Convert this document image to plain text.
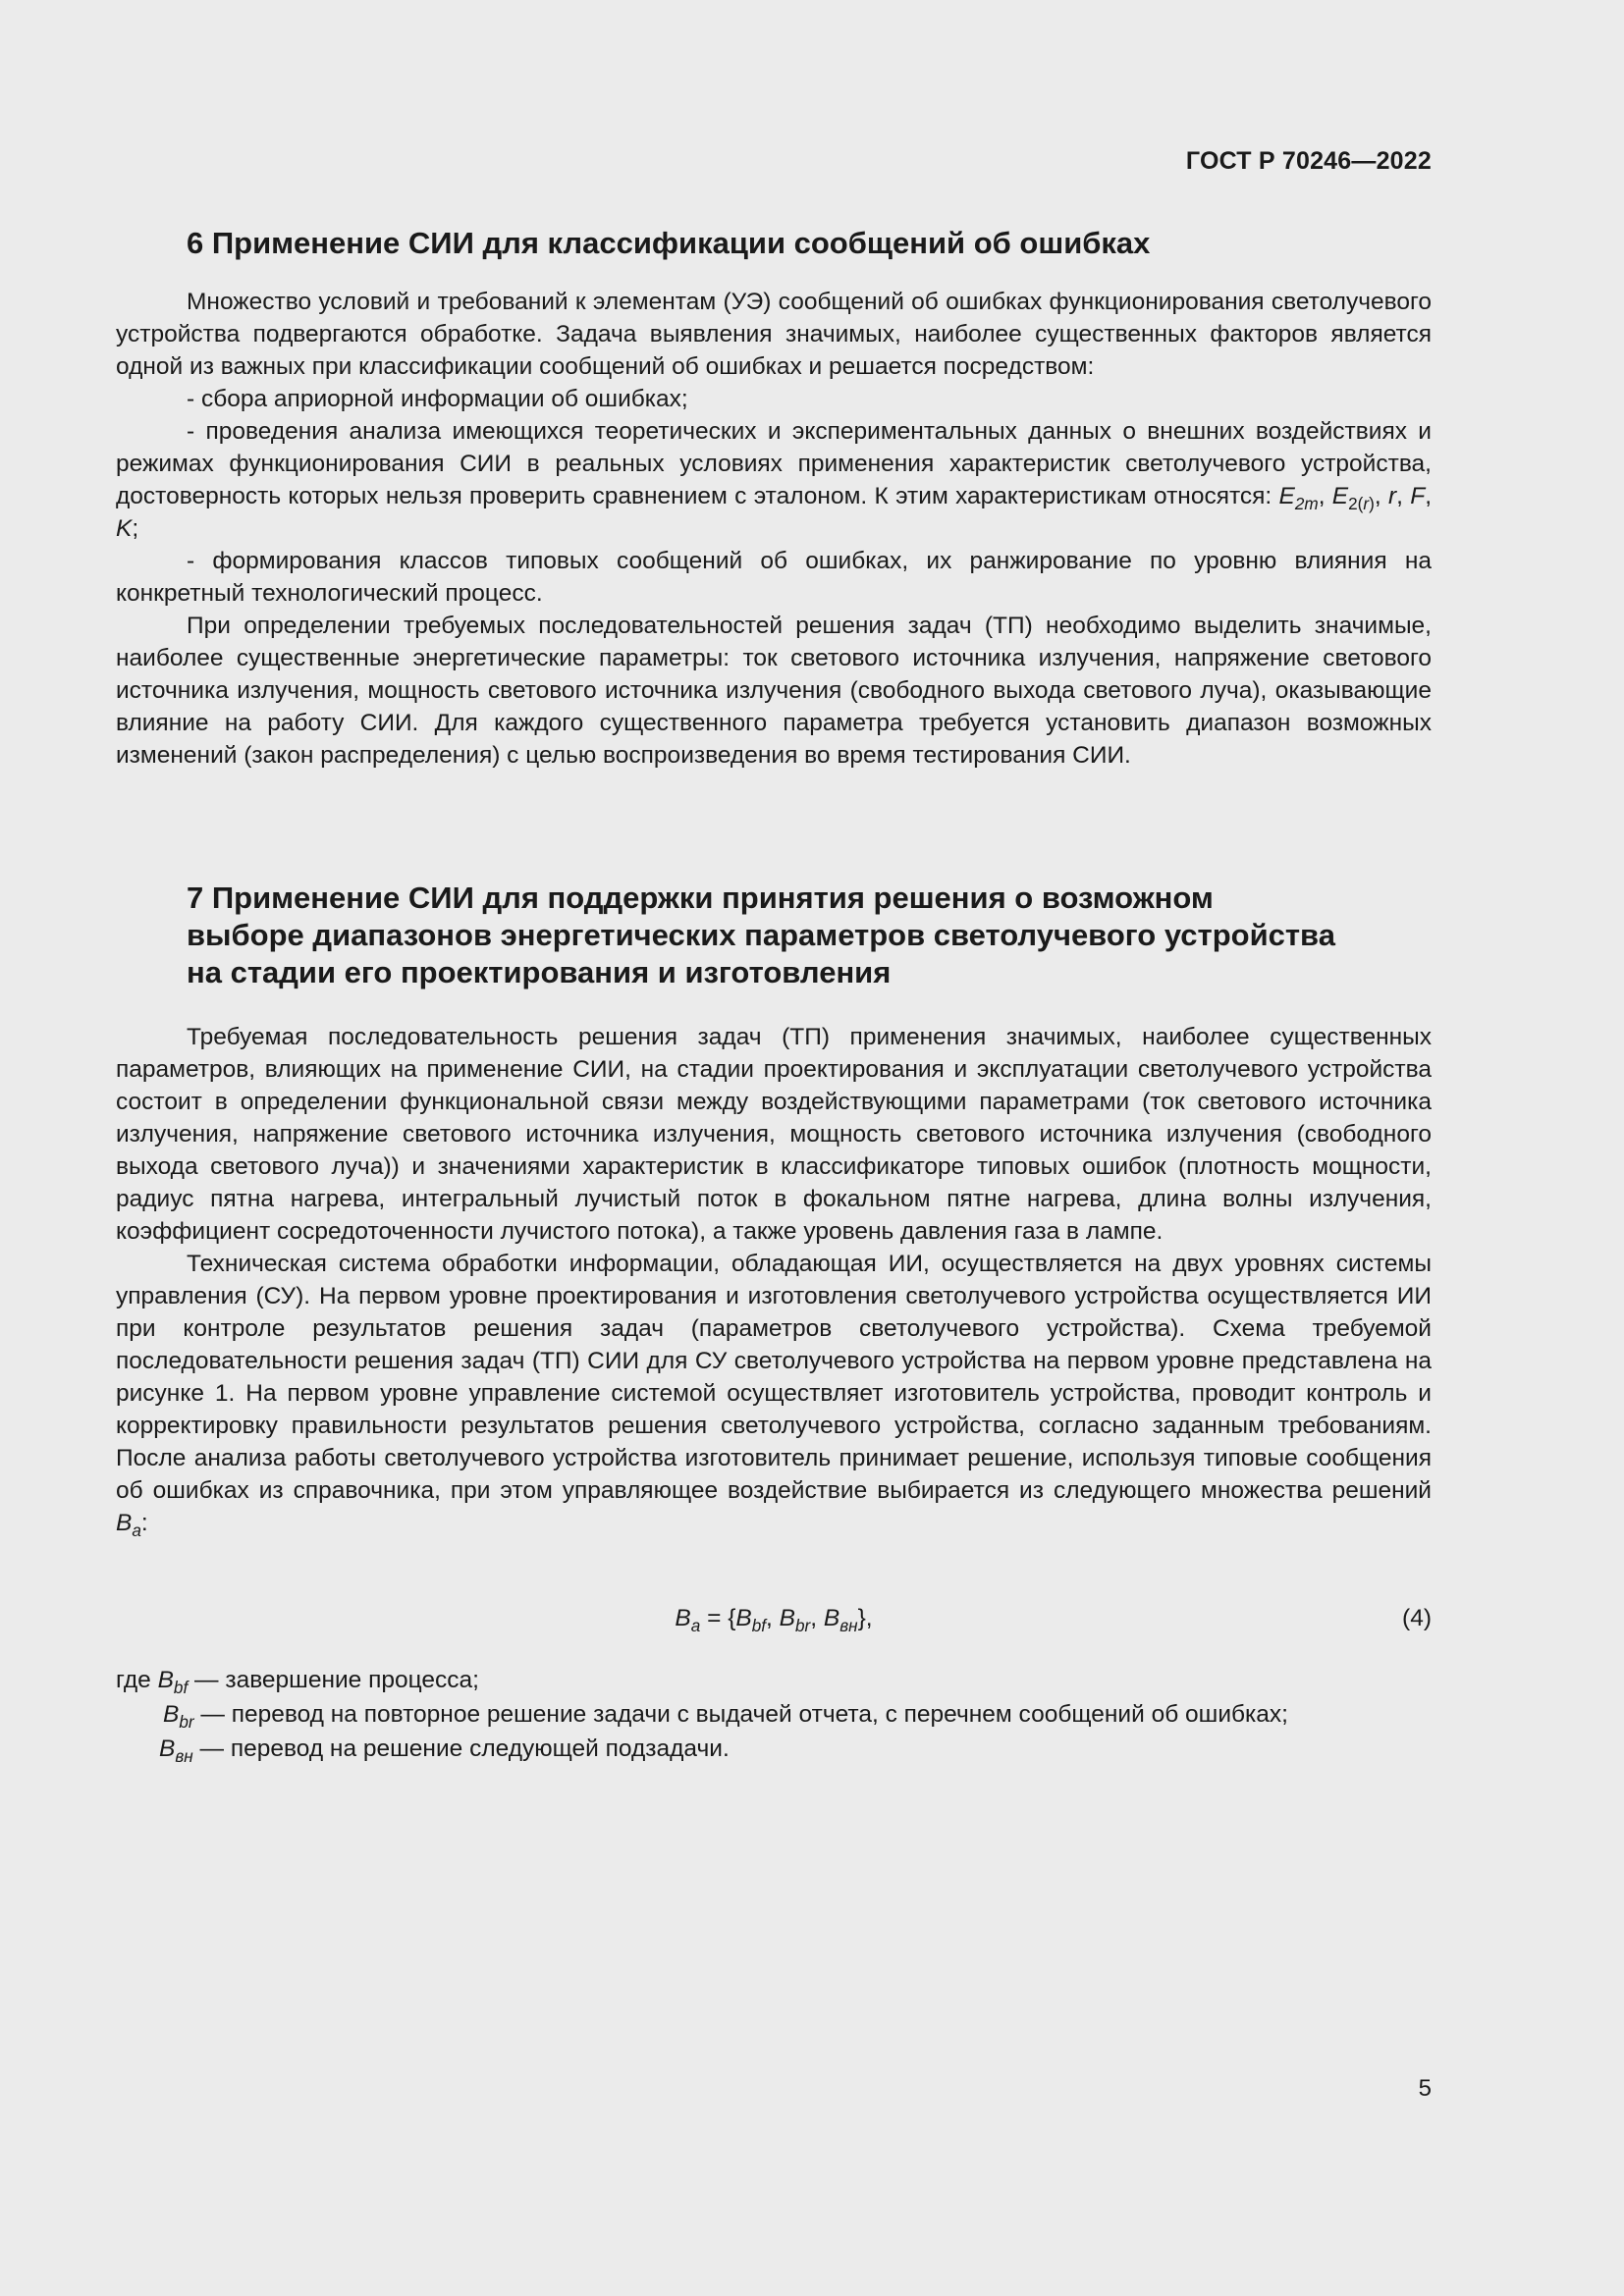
ГОСТ Р 70246—2022
6 Применение СИИ для классификации сообщений об ошибках

Множество условий и требований к элементам (УЭ) сообщений об ошибках функционирования светолучевого устройства подвергаются обработке. Задача выявления значимых, наиболее существенных факторов является одной из важных при классификации сообщений об ошибках и решается посредством:

- сбора априорной информации об ошибках;

- проведения анализа имеющихся теоретических и экспериментальных данных о внешних воздействиях и режимах функционирования СИИ в реальных условиях применения характеристик светолучевого устройства, достоверность которых нельзя проверить сравнением с эталоном. К этим характеристикам относятся: $E_{2m}$, $E_{2(r)}$, r, F, K;

- формирования классов типовых сообщений об ошибках, их ранжирование по уровню влияния на конкретный технологический процесс.

При определении требуемых последовательностей решения задач (ТП) необходимо выделить значимые, наиболее существенные энергетические параметры: ток светового источника излучения, напряжение светового источника излучения, мощность светового источника излучения (свободного выхода светового луча), оказывающие влияние на работу СИИ. Для каждого существенного параметра требуется установить диапазон возможных изменений (закон распределения) с целью воспроизведения во время тестирования СИИ.

7 Применение СИИ для поддержки принятия решения о возможном
выборе диапазонов энергетических параметров светолучевого устройства
на стадии его проектирования и изготовления

Требуемая последовательность решения задач (ТП) применения значимых, наиболее существенных параметров, влияющих на применение СИИ, на стадии проектирования и эксплуатации светолучевого устройства состоит в определении функциональной связи между воздействующими параметрами (ток светового источника излучения, напряжение светового источника излучения, мощность светового источника излучения (свободного выхода светового луча)) и значениями характеристик в классификаторе типовых ошибок (плотность мощности, радиус пятна нагрева, интегральный лучистый поток в фокальном пятне нагрева, длина волны излучения, коэффициент сосредоточенности лучистого потока), а также уровень давления газа в лампе.

Техническая система обработки информации, обладающая ИИ, осуществляется на двух уровнях системы управления (СУ). На первом уровне проектирования и изготовления светолучевого устройства осуществляется ИИ при контроле результатов решения задач (параметров светолучевого устройства). Схема требуемой последовательности решения задач (ТП) СИИ для СУ светолучевого устройства на первом уровне представлена на рисунке 1. На первом уровне управление системой осуществляет изготовитель устройства, проводит контроль и корректировку правильности результатов решения светолучевого устройства, согласно заданным требованиям. После анализа работы светолучевого устройства изготовитель принимает решение, используя типовые сообщения об ошибках из справочника, при этом управляющее воздействие выбирается из следующего множества решений $B_a$:

$B_a = \{B_{bf}$, $B_{br}$, $B_{вн}$},	(4)
где $B_{bf}$ — завершение процесса;
$B_{br}$ — перевод на повторное решение задачи с выдачей отчета, с перечнем сообщений об ошибках;
$B_{вн}$ — перевод на решение следующей подзадачи.
5
